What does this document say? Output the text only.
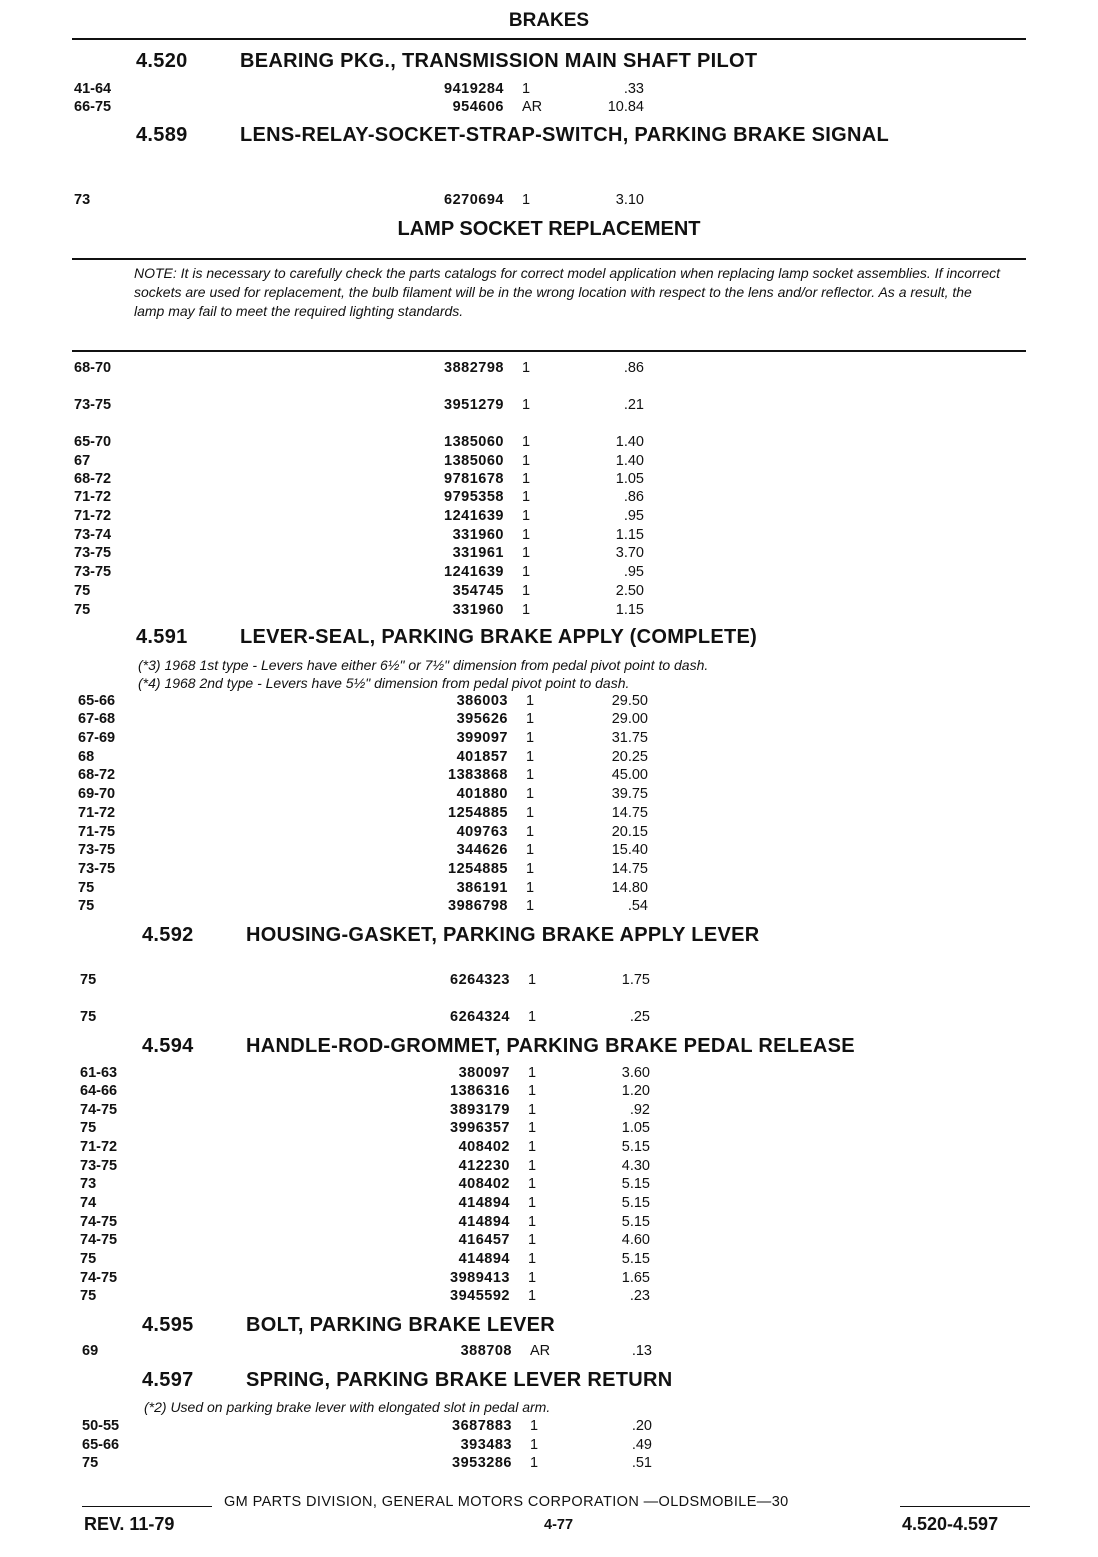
BRAKES
4.520	BEARING PKG., TRANSMISSION MAIN SHAFT PILOT
4.589	LENS-RELAY-SOCKET-STRAP-SWITCH, PARKING BRAKE SIGNAL
LAMP SOCKET REPLACEMENT
NOTE: It is necessary to carefully check the parts catalogs for correct model application when replacing lamp socket assemblies. If incorrect sockets are used for replacement, the bulb filament will be in the wrong location with respect to the lens and/or reflector. As a result, the lamp may fail to meet the required lighting standards.
4.591	LEVER-SEAL, PARKING BRAKE APPLY (COMPLETE)
(*3) 1968 1st type - Levers have either 6½" or 7½" dimension from pedal pivot point to dash.
(*4) 1968 2nd type - Levers have 5½" dimension from pedal pivot point to dash.
4.592	HOUSING-GASKET, PARKING BRAKE APPLY LEVER
4.594	HANDLE-ROD-GROMMET, PARKING BRAKE PEDAL RELEASE
4.595	BOLT, PARKING BRAKE LEVER
4.597	SPRING, PARKING BRAKE LEVER RETURN
(*2) Used on parking brake lever with elongated slot in pedal arm.
41-64	9419284 1	.33
66-75	954606 AR	10.84
73	6270694 1	3.10
68-70	3882798 1	.86
73-75	3951279 1	.21
65-70	1385060 1	1.40
67	1385060 1	1.40
68-72	9781678 1	1.05
71-72	9795358 1	.86
71-72	1241639 1	.95
73-74	331960 1	1.15
73-75	331961 1	3.70
73-75	1241639 1	.95
75	354745 1	2.50
75	331960 1	1.15
65-66	386003 1	29.50
67-68	395626 1	29.00
67-69	399097 1	31.75
68	401857 1	20.25
68-72	1383868 1	45.00
69-70	401880 1	39.75
71-72	1254885 1	14.75
71-75	409763 1	20.15
73-75	344626 1	15.40
73-75	1254885 1	14.75
75	386191 1	14.80
75	3986798 1	.54
75	6264323 1	1.75
75	6264324 1	.25
61-63	380097 1	3.60
64-66	1386316 1	1.20
74-75	3893179 1	.92
75	3996357 1	1.05
71-72	408402 1	5.15
73-75	412230 1	4.30
73	408402 1	5.15
74	414894 1	5.15
74-75	414894 1	5.15
74-75	416457 1	4.60
75	414894 1	5.15
74-75	3989413 1	1.65
75	3945592 1	.23
69	388708 AR	.13
50-55	3687883 1	.20
65-66	393483 1	.49
75	3953286 1	.51
GM PARTS DIVISION, GENERAL MOTORS CORPORATION —OLDSMOBILE—30
REV. 11-79	4-77	4.520-4.597
